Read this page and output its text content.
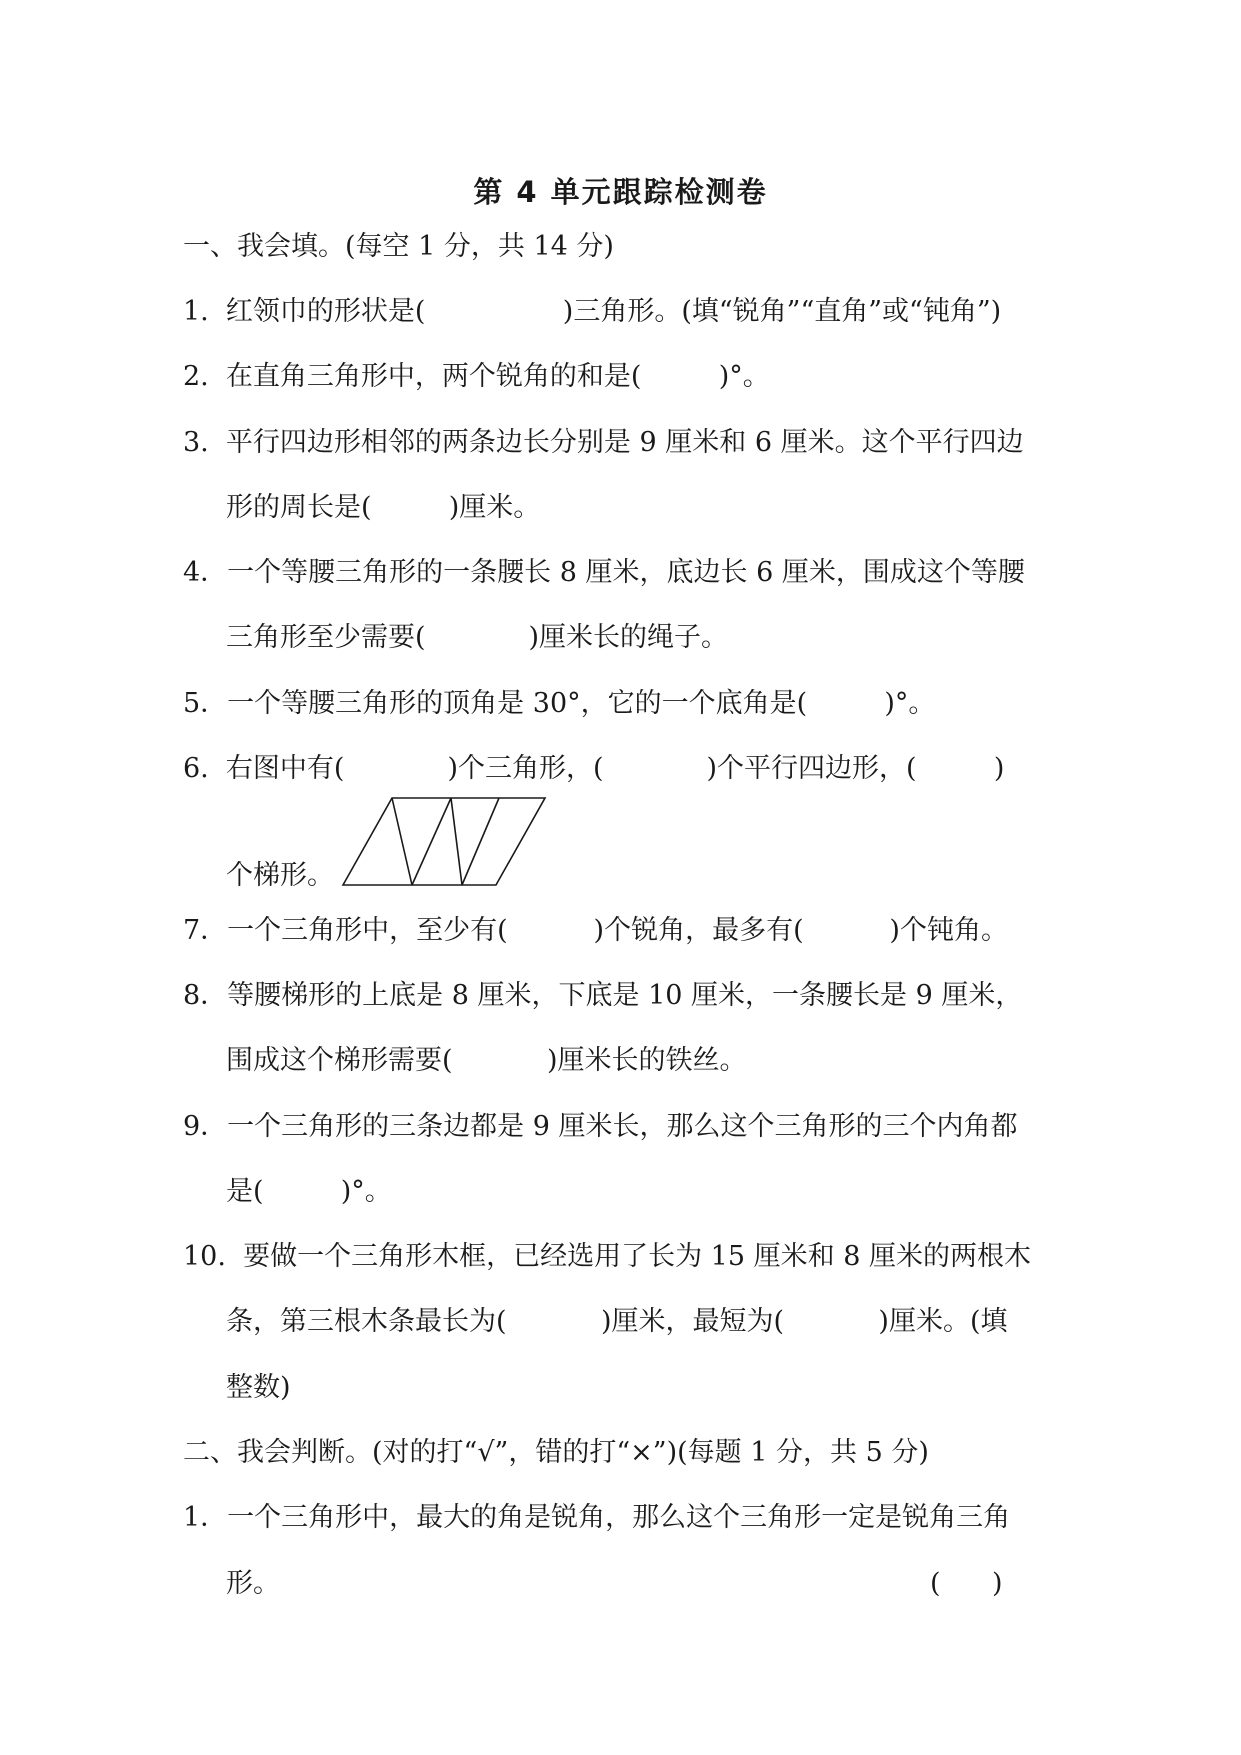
第 4 单元跟踪检测卷
一、我会填。(每空 1 分，共 14 分)
1.  红领巾的形状是(                )三角形。(填“锐角”“直角”或“钝角”)
2.  在直角三角形中，两个锐角的和是(         )°。
3.  平行四边形相邻的两条边长分别是 9 厘米和 6 厘米。这个平行四边
形的周长是(         )厘米。
4．一个等腰三角形的一条腰长 8 厘米，底边长 6 厘米，围成这个等腰
三角形至少需要(            )厘米长的绳子。
5．一个等腰三角形的顶角是 30°，它的一个底角是(         )°。
6.  右图中有(            )个三角形，(            )个平行四边形，(         )
个梯形。
7．一个三角形中，至少有(          )个锐角，最多有(          )个钝角。
8．等腰梯形的上底是 8 厘米，下底是 10 厘米，一条腰长是 9 厘米，
围成这个梯形需要(           )厘米长的铁丝。
9．一个三角形的三条边都是 9 厘米长，那么这个三角形的三个内角都
是(         )°。
10.  要做一个三角形木框，已经选用了长为 15 厘米和 8 厘米的两根木
条，第三根木条最长为(           )厘米，最短为(           )厘米。(填
整数)
二、我会判断。(对的打“√”，错的打“×”)(每题 1 分，共 5 分)
1．一个三角形中，最大的角是锐角，那么这个三角形一定是锐角三角
形。	(      )
